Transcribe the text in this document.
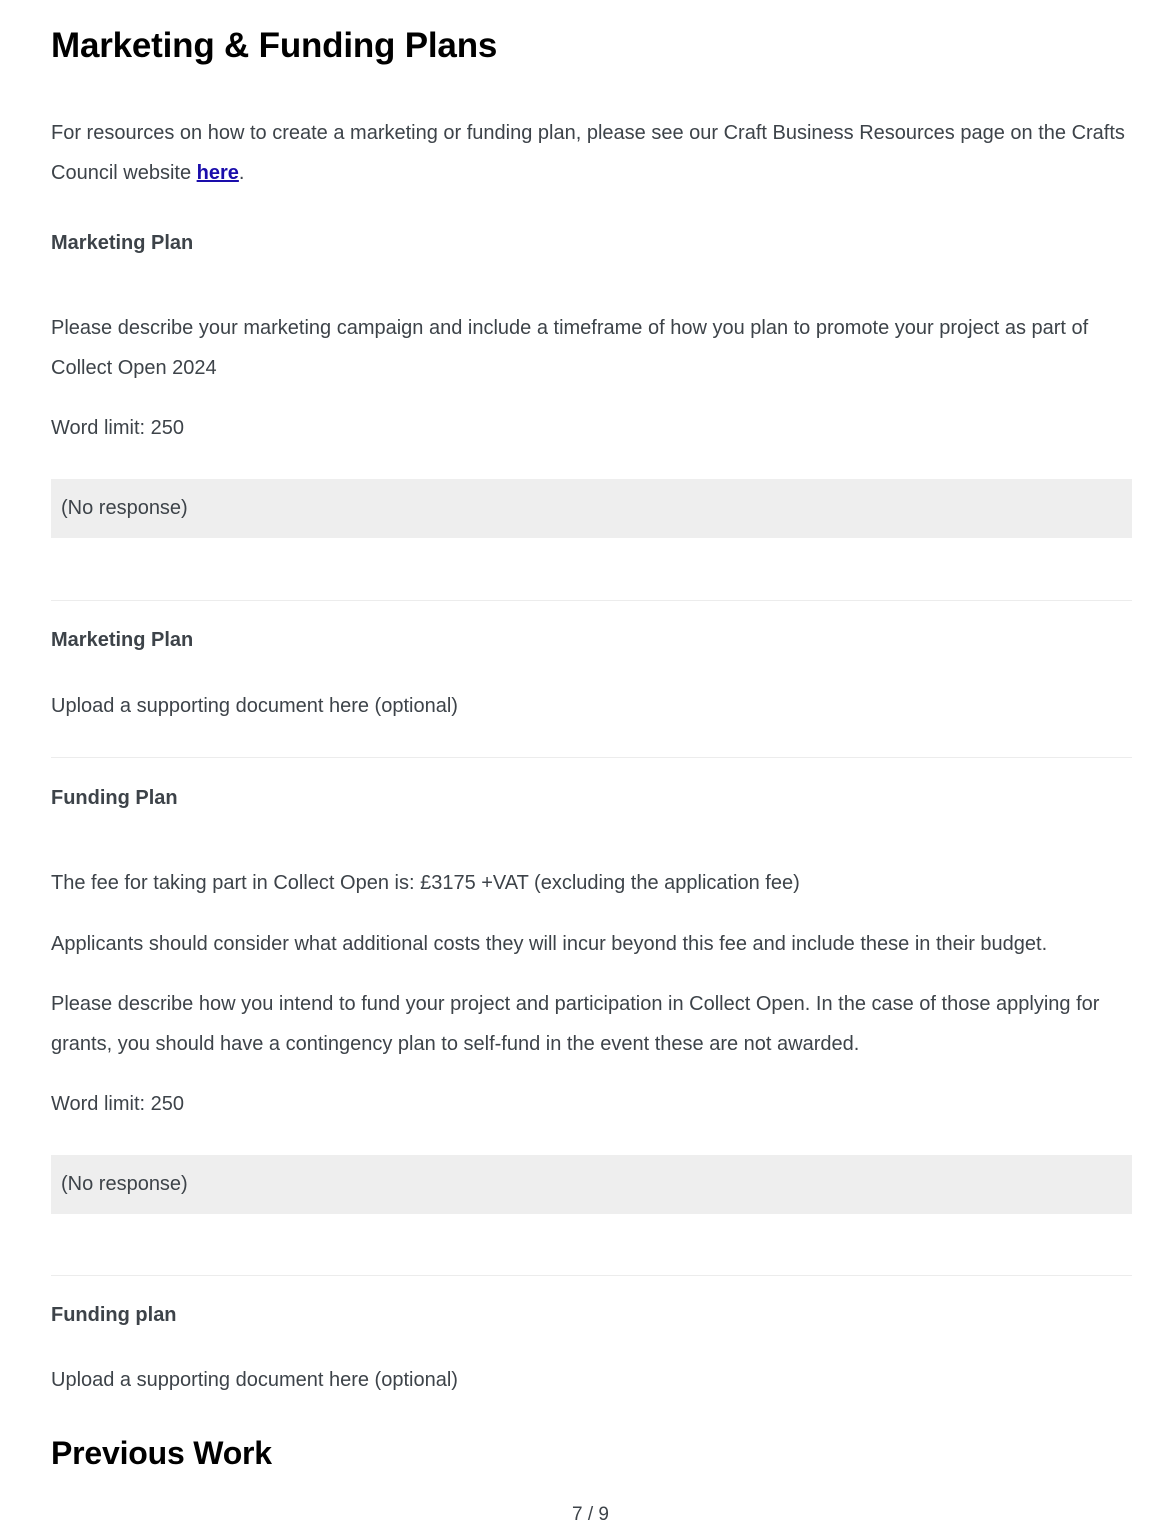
Marketing & Funding Plans

For resources on how to create a marketing or funding plan, please see our Craft Business Resources page on the Crafts Council website here.

Marketing Plan

Please describe your marketing campaign and include a timeframe of how you plan to promote your project as part of Collect Open 2024

Word limit: 250

(No response)
Marketing Plan

Upload a supporting document here (optional)

Funding Plan

The fee for taking part in Collect Open is: £3175 +VAT (excluding the application fee)

Applicants should consider what additional costs they will incur beyond this fee and include these in their budget.

Please describe how you intend to fund your project and participation in Collect Open. In the case of those applying for grants, you should have a contingency plan to self-fund in the event these are not awarded.

Word limit: 250

(No response)
Funding plan

Upload a supporting document here (optional)

Previous Work
7 / 9
